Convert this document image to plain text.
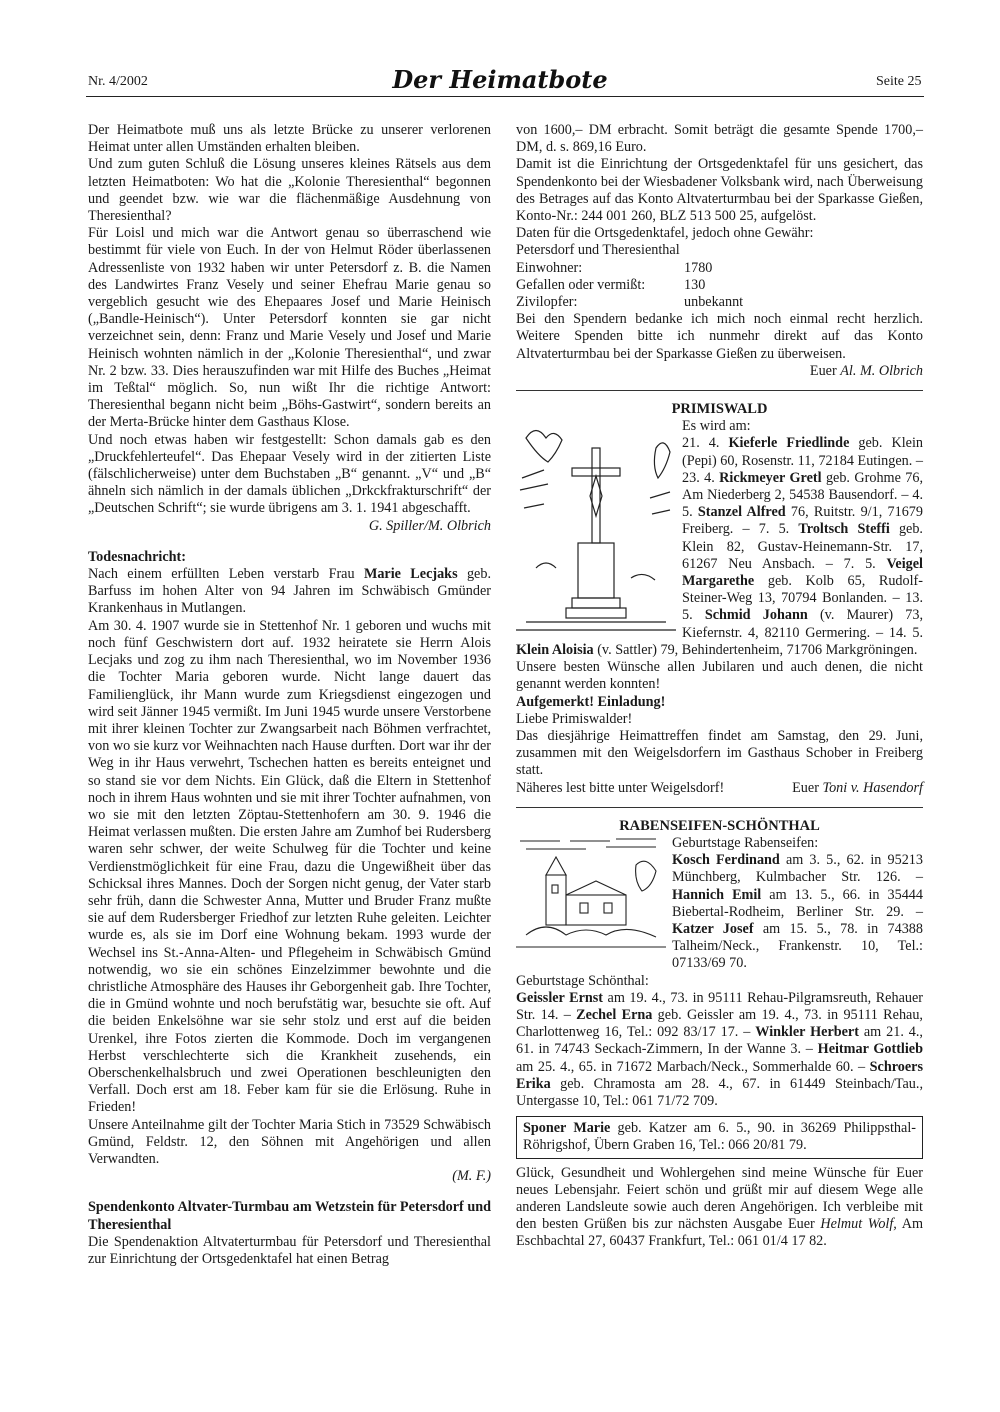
Nr. 4/2002	Der Heimatbote	Seite 25

Der Heimatbote muß uns als letzte Brücke zu unserer verlorenen Heimat unter allen Umständen erhalten bleiben.

Und zum guten Schluß die Lösung unseres kleines Rätsels aus dem letzten Heimatboten: Wo hat die „Kolonie Theresienthal“ begonnen und geendet bzw. wie war die flächenmäßige Ausdehnung von Theresienthal?

Für Loisl und mich war die Antwort genau so überraschend wie bestimmt für viele von Euch. In der von Helmut Röder überlassenen Adressenliste von 1932 haben wir unter Petersdorf z. B. die Namen des Landwirtes Franz Vesely und seiner Ehefrau Marie genau so vergeblich gesucht wie des Ehepaares Josef und Marie Heinisch („Bandle-Heinisch“). Unter Petersdorf konnten sie gar nicht verzeichnet sein, denn: Franz und Marie Vesely und Josef und Marie Heinisch wohnten nämlich in der „Kolonie Theresienthal“, und zwar Nr. 2 bzw. 33. Dies herauszufinden war mit Hilfe des Buches „Heimat im Teßtal“ möglich. So, nun wißt Ihr die richtige Antwort: Theresienthal begann nicht beim „Böhs-Gastwirt“, sondern bereits an der Merta-Brücke hinter dem Gasthaus Klose.

Und noch etwas haben wir festgestellt: Schon damals gab es den „Druckfehlerteufel“. Das Ehepaar Vesely wird in der zitierten Liste (fälschlicherweise) unter dem Buchstaben „B“ genannt. „V“ und „B“ ähneln sich nämlich in der damals üblichen „Drkckfrakturschrift“ der „Deutschen Schrift“; sie wurde übrigens am 3. 1. 1941 abgeschafft.

G. Spiller/M. Olbrich

Todesnachricht:

Nach einem erfüllten Leben verstarb Frau Marie Lecjaks geb. Barfuss im hohen Alter von 94 Jahren im Schwäbisch Gmünder Krankenhaus in Mutlangen.

Am 30. 4. 1907 wurde sie in Stettenhof Nr. 1 geboren und wuchs mit noch fünf Geschwistern dort auf. 1932 heiratete sie Herrn Alois Lecjaks und zog zu ihm nach Theresienthal, wo im November 1936 die Tochter Maria geboren wurde. Nicht lange dauert das Familienglück, ihr Mann wurde zum Kriegsdienst eingezogen und wird seit Jänner 1945 vermißt. Im Juni 1945 wurde unsere Verstorbene mit ihrer kleinen Tochter zur Zwangsarbeit nach Böhmen verfrachtet, von wo sie kurz vor Weihnachten nach Hause durften. Dort war ihr der Weg in ihr Haus verwehrt, Tschechen hatten es bereits enteignet und so stand sie vor dem Nichts. Ein Glück, daß die Eltern in Stettenhof noch in ihrem Haus wohnten und sie mit ihrer Tochter aufnahmen, von wo sie mit den letzten Zöptau-Stettenhofern am 30. 9. 1946 die Heimat verlassen mußten. Die ersten Jahre am Zumhof bei Rudersberg waren sehr schwer, der weite Schulweg für die Tochter und keine Verdienstmöglichkeit für eine Frau, dazu die Ungewißheit über das Schicksal ihres Mannes. Doch der Sorgen nicht genug, der Vater starb sehr früh, dann die Schwester Anna, Mutter und Bruder Franz mußte sie auf dem Rudersberger Friedhof zur letzten Ruhe geleiten. Leichter wurde es, als sie im Dorf eine Wohnung bekam. 1993 wurde der Wechsel ins St.-Anna-Alten- und Pflegeheim in Schwäbisch Gmünd notwendig, wo sie ein schönes Einzelzimmer bewohnte und die christliche Atmosphäre des Hauses ihr Geborgenheit gab. Ihre Tochter, die in Gmünd wohnte und noch berufstätig war, besuchte sie oft. Auf die beiden Enkelsöhne war sie sehr stolz und erst auf die beiden Urenkel, ihre Fotos zierten die Kommode. Doch im vergangenen Herbst verschlechterte sich die Krankheit zusehends, ein Oberschenkelhalsbruch und zwei Operationen beschleunigten den Verfall. Doch erst am 18. Feber kam für sie die Erlösung. Ruhe in Frieden!

Unsere Anteilnahme gilt der Tochter Maria Stich in 73529 Schwäbisch Gmünd, Feldstr. 12, den Söhnen mit Angehörigen und allen Verwandten.

(M. F.)

Spendenkonto Altvater-Turmbau am Wetzstein für Petersdorf und Theresienthal

Die Spendenaktion Altvaterturmbau für Petersdorf und Theresienthal zur Einrichtung der Ortsgedenktafel hat einen Betrag

von 1600,– DM erbracht. Somit beträgt die gesamte Spende 1700,– DM, d. s. 869,16 Euro.

Damit ist die Einrichtung der Ortsgedenktafel für uns gesichert, das Spendenkonto bei der Wiesbadener Volksbank wird, nach Überweisung des Betrages auf das Konto Altvaterturmbau bei der Sparkasse Gießen, Konto-Nr.: 244 001 260, BLZ 513 500 25, aufgelöst.

Daten für die Ortsgedenktafel, jedoch ohne Gewähr:

Petersdorf und Theresienthal

Einwohner:	1780
Gefallen oder vermißt:	130
Zivilopfer:	unbekannt

Bei den Spendern bedanke ich mich noch einmal recht herzlich. Weitere Spenden bitte ich nunmehr direkt auf das Konto Altvaterturmbau bei der Sparkasse Gießen zu überweisen.

Euer
Al. M. Olbrich

PRIMISWALD

Es wird am:

21. 4. Kieferle Friedlinde geb. Klein (Pepi) 60, Rosenstr. 11, 72184 Eutingen. – 23. 4. Rickmeyer Gretl geb. Grohme 76, Am Niederberg 2, 54538 Bausendorf. – 4. 5. Stanzel Alfred 76, Ruitstr. 9/1, 71679 Freiberg. – 7. 5. Troltsch Steffi geb. Klein 82, Gustav-Heinemann-Str. 17, 61267 Neu Ansbach. – 7. 5. Veigel Margarethe geb. Kolb 65, Rudolf-Steiner-Weg 13, 70794 Bonlanden. – 13. 5. Schmid Johann (v. Maurer) 73, Kiefernstr. 4, 82110 Germering. – 14. 5. Klein Aloisia (v. Sattler) 79, Behindertenheim, 71706 Markgröningen.

Unsere besten Wünsche allen Jubilaren und auch denen, die nicht genannt werden konnten!

Aufgemerkt! Einladung!

Liebe Primiswalder!

Das diesjährige Heimattreffen findet am Samstag, den 29. Juni, zusammen mit den Weigelsdorfern im Gasthaus Schober in Freiberg statt.

Näheres lest bitte unter Weigelsdorf!	Euer Toni v. Hasendorf

RABENSEIFEN-SCHÖNTHAL

Geburtstage Rabenseifen:

Kosch Ferdinand am 3. 5., 62. in 95213 Münchberg, Kulmbacher Str. 126. – Hannich Emil am 13. 5., 66. in 35444 Biebertal-Rodheim, Berliner Str. 29. – Katzer Josef am 15. 5., 78. in 74388 Talheim/Neck., Frankenstr. 10, Tel.: 07133/69 70.

Geburtstage Schönthal:

Geissler Ernst am 19. 4., 73. in 95111 Rehau-Pilgramsreuth, Rehauer Str. 14. – Zechel Erna geb. Geissler am 19. 4., 73. in 95111 Rehau, Charlottenweg 16, Tel.: 092 83/17 17. – Winkler Herbert am 21. 4., 61. in 74743 Seckach-Zimmern, In der Wanne 3. – Heitmar Gottlieb am 25. 4., 65. in 71672 Marbach/Neck., Sommerhalde 60. – Schroers Erika geb. Chramosta am 28. 4., 67. in 61449 Steinbach/Tau., Untergasse 10, Tel.: 061 71/72 709.

Sponer Marie geb. Katzer am 6. 5., 90. in 36269 Philippsthal-Röhrigshof, Übern Graben 16, Tel.: 066 20/81 79.

Glück, Gesundheit und Wohlergehen sind meine Wünsche für Euer neues Lebensjahr. Feiert schön und grüßt mir auf diesem Wege alle anderen Landsleute sowie auch deren Angehörigen. Ich verbleibe mit den besten Grüßen bis zur nächsten Ausgabe Euer Helmut Wolf, Am Eschbachtal 27, 60437 Frankfurt, Tel.: 061 01/4 17 82.
